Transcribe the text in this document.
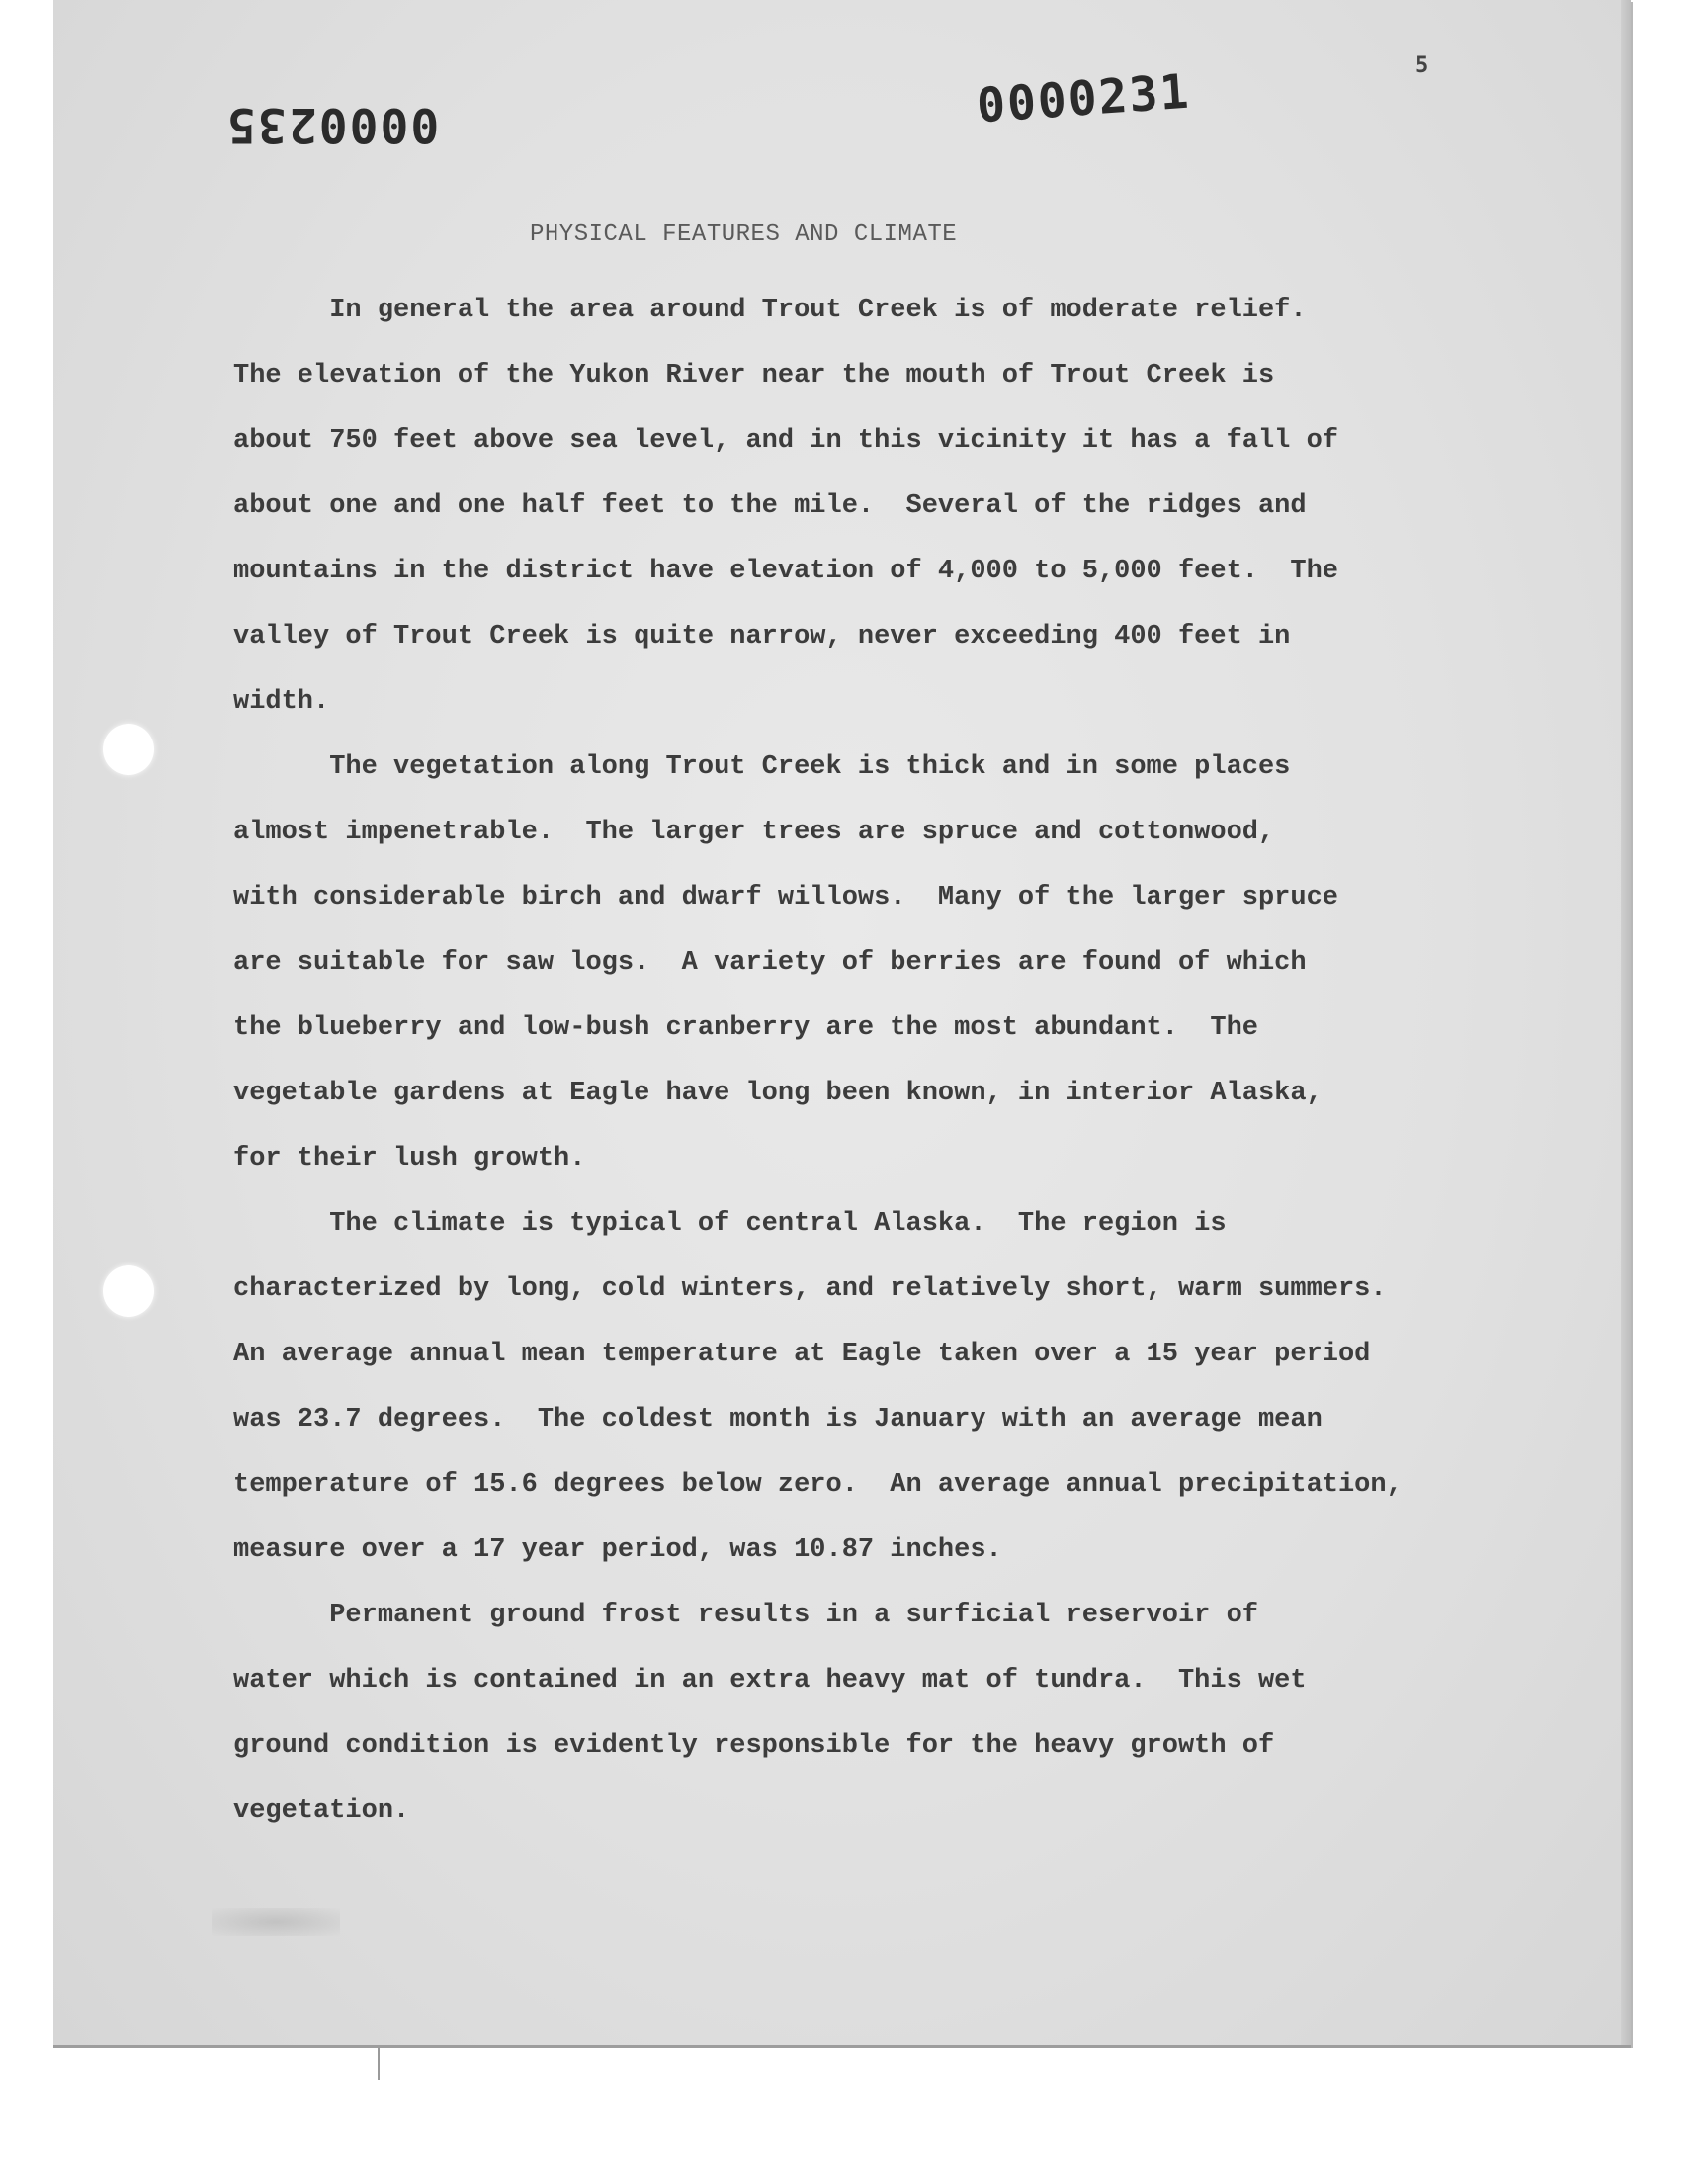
0000235	0000231	5
PHYSICAL FEATURES AND CLIMATE

In general the area around Trout Creek is of moderate relief.

The elevation of the Yukon River near the mouth of Trout Creek is

about 750 feet above sea level, and in this vicinity it has a fall of

about one and one half feet to the mile.  Several of the ridges and

mountains in the district have elevation of 4,000 to 5,000 feet.  The

valley of Trout Creek is quite narrow, never exceeding 400 feet in

width.

The vegetation along Trout Creek is thick and in some places

almost impenetrable.  The larger trees are spruce and cottonwood,

with considerable birch and dwarf willows.  Many of the larger spruce

are suitable for saw logs.  A variety of berries are found of which

the blueberry and low-bush cranberry are the most abundant.  The

vegetable gardens at Eagle have long been known, in interior Alaska,

for their lush growth.

The climate is typical of central Alaska.  The region is

characterized by long, cold winters, and relatively short, warm summers.

An average annual mean temperature at Eagle taken over a 15 year period

was 23.7 degrees.  The coldest month is January with an average mean

temperature of 15.6 degrees below zero.  An average annual precipitation,

measure over a 17 year period, was 10.87 inches.

Permanent ground frost results in a surficial reservoir of

water which is contained in an extra heavy mat of tundra.  This wet

ground condition is evidently responsible for the heavy growth of

vegetation.
